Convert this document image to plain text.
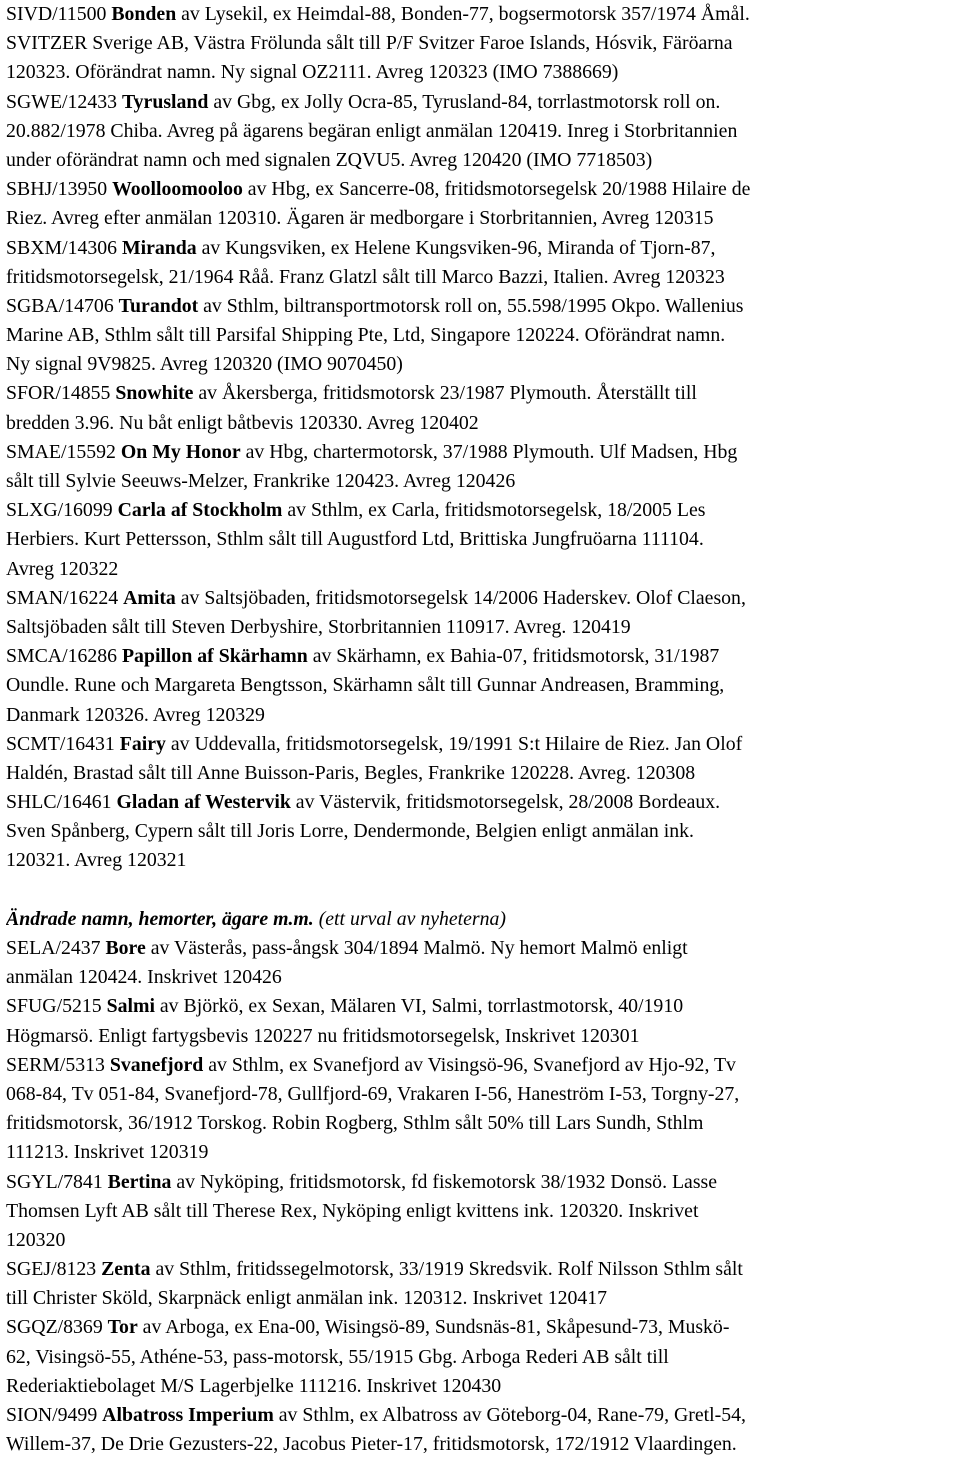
SIVD/11500 Bonden av Lysekil, ex Heimdal-88, Bonden-77, bogsermotorsk 357/1974 Åmål.
SVITZER Sverige AB, Västra Frölunda sålt till P/F Svitzer Faroe Islands, Hósvik, Färöarna
120323. Oförändrat namn. Ny signal OZ2111. Avreg 120323 (IMO 7388669)
SGWE/12433 Tyrusland av Gbg, ex Jolly Ocra-85, Tyrusland-84, torrlastmotorsk roll on.
20.882/1978 Chiba. Avreg på ägarens begäran enligt anmälan 120419. Inreg i Storbritannien
under oförändrat namn och med signalen ZQVU5. Avreg 120420 (IMO 7718503)
SBHJ/13950 Woolloomooloo av Hbg, ex Sancerre-08, fritidsmotorsegelsk 20/1988 Hilaire de
Riez. Avreg efter anmälan 120310. Ägaren är medborgare i Storbritannien, Avreg 120315
SBXM/14306 Miranda av Kungsviken, ex Helene Kungsviken-96, Miranda of Tjorn-87,
fritidsmotorsegelsk, 21/1964 Råå. Franz Glatzl sålt till Marco Bazzi, Italien. Avreg 120323
SGBA/14706 Turandot av Sthlm, biltransportmotorsk roll on, 55.598/1995 Okpo. Wallenius
Marine AB, Sthlm sålt till Parsifal Shipping Pte, Ltd, Singapore 120224. Oförändrat namn.
Ny signal 9V9825. Avreg 120320 (IMO 9070450)
SFOR/14855 Snowhite av Åkersberga, fritidsmotorsk 23/1987 Plymouth. Återställt till
bredden 3.96. Nu båt enligt båtbevis 120330. Avreg 120402
SMAE/15592 On My Honor av Hbg, chartermotorsk, 37/1988 Plymouth. Ulf Madsen, Hbg
sålt till Sylvie Seeuws-Melzer, Frankrike 120423. Avreg 120426
SLXG/16099 Carla af Stockholm av Sthlm, ex Carla, fritidsmotorsegelsk, 18/2005 Les
Herbiers. Kurt Pettersson, Sthlm sålt till Augustford Ltd, Brittiska Jungfruöarna 111104.
Avreg 120322
SMAN/16224 Amita av Saltsjöbaden, fritidsmotorsegelsk 14/2006 Haderskev. Olof Claeson,
Saltsjöbaden sålt till Steven Derbyshire, Storbritannien 110917. Avreg. 120419
SMCA/16286 Papillon af Skärhamn av Skärhamn, ex Bahia-07, fritidsmotorsk, 31/1987
Oundle. Rune och Margareta Bengtsson, Skärhamn sålt till Gunnar Andreasen, Bramming,
Danmark 120326. Avreg 120329
SCMT/16431 Fairy av Uddevalla, fritidsmotorsegelsk, 19/1991 S:t Hilaire de Riez. Jan Olof
Haldén, Brastad sålt till Anne Buisson-Paris, Begles, Frankrike 120228. Avreg. 120308
SHLC/16461 Gladan af Westervik av Västervik, fritidsmotorsegelsk, 28/2008 Bordeaux.
Sven Spånberg, Cypern sålt till Joris Lorre, Dendermonde, Belgien enligt anmälan ink.
120321. Avreg 120321
Ändrade namn, hemorter, ägare m.m. (ett urval av nyheterna)
SELA/2437 Bore av Västerås, pass-ångsk 304/1894 Malmö. Ny hemort Malmö enligt
anmälan 120424. Inskrivet 120426
SFUG/5215 Salmi av Björkö, ex Sexan, Mälaren VI, Salmi, torrlastmotorsk, 40/1910
Högmarsö. Enligt fartygsbevis 120227 nu fritidsmotorsegelsk, Inskrivet 120301
SERM/5313 Svanefjord av Sthlm, ex Svanefjord av Visingsö-96, Svanefjord av Hjo-92, Tv
068-84, Tv 051-84, Svanefjord-78, Gullfjord-69, Vrakaren I-56, Haneström I-53, Torgny-27,
fritidsmotorsk, 36/1912 Torskog. Robin Rogberg, Sthlm sålt 50% till Lars Sundh, Sthlm
111213. Inskrivet 120319
SGYL/7841 Bertina av Nyköping, fritidsmotorsk, fd fiskemotorsk 38/1932 Donsö. Lasse
Thomsen Lyft AB sålt till Therese Rex, Nyköping enligt kvittens ink. 120320. Inskrivet
120320
SGEJ/8123 Zenta av Sthlm, fritidssegelmotorsk, 33/1919 Skredsvik. Rolf Nilsson Sthlm sålt
till Christer Sköld, Skarpnäck enligt anmälan ink. 120312. Inskrivet 120417
SGQZ/8369 Tor av Arboga, ex Ena-00, Wisingsö-89, Sundsnäs-81, Skåpesund-73, Muskö-
62, Visingsö-55, Athéne-53, pass-motorsk, 55/1915 Gbg. Arboga Rederi AB sålt till
Rederiaktiebolaget M/S Lagerbjelke 111216. Inskrivet 120430
SION/9499 Albatross Imperium av Sthlm, ex Albatross av Göteborg-04, Rane-79, Gretl-54,
Willem-37, De Drie Gezusters-22, Jacobus Pieter-17, fritidsmotorsk, 172/1912 Vlaardingen.
